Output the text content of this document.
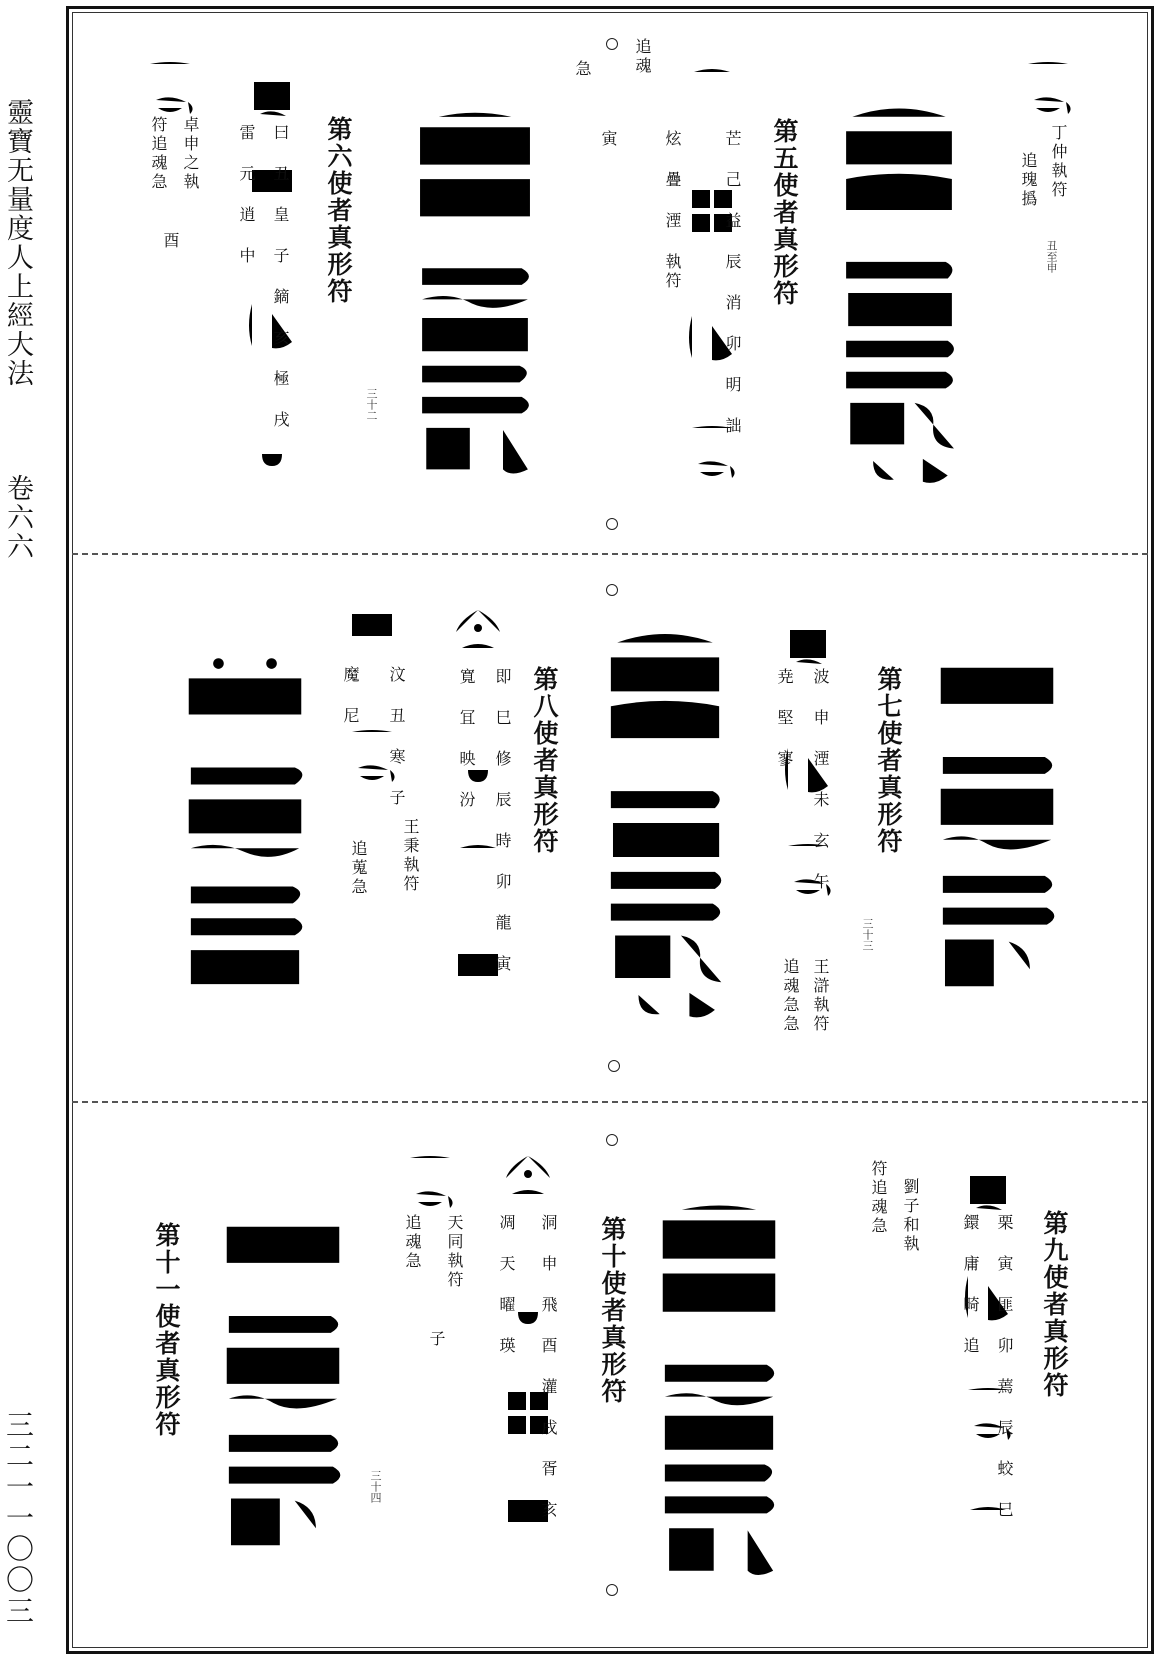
靈寶无量度人上經大法
卷六六
三二一一〇〇三
丁仲執符
追瑰撝
丑至申
第五使者真形符
芒 己 益 辰 消 卯 明 詘
炫 疊 湮 執符
追魂
寅
急
第六使者真形符
三十二
曰 丑 皇 子 鏑 亥 極 戌
雷 元 逍 中
卓申之執
符追魂急
酉
第七使者真形符
三十三
波 申 湮 未 玄 午
尭 堅 寥
王滸執符
追魂急急
第八使者真形符
即 巳 修 辰 時 卯 龍 寅
寬 冝 映 汾
汶 丑 寒 子
魔 尼
王秉執符
追蒐急
第九使者真形符
栗 寅 匪 卯 蔫 辰 蛟 巳
鐶 庸 畸 追
劉子和執
符追魂急
第十使者真形符
洞 申 飛 酉 灌 戌 胥 亥
凋 天 曜 瑛
天同執符
子
追魂急
三十四
第十一使者真形符
